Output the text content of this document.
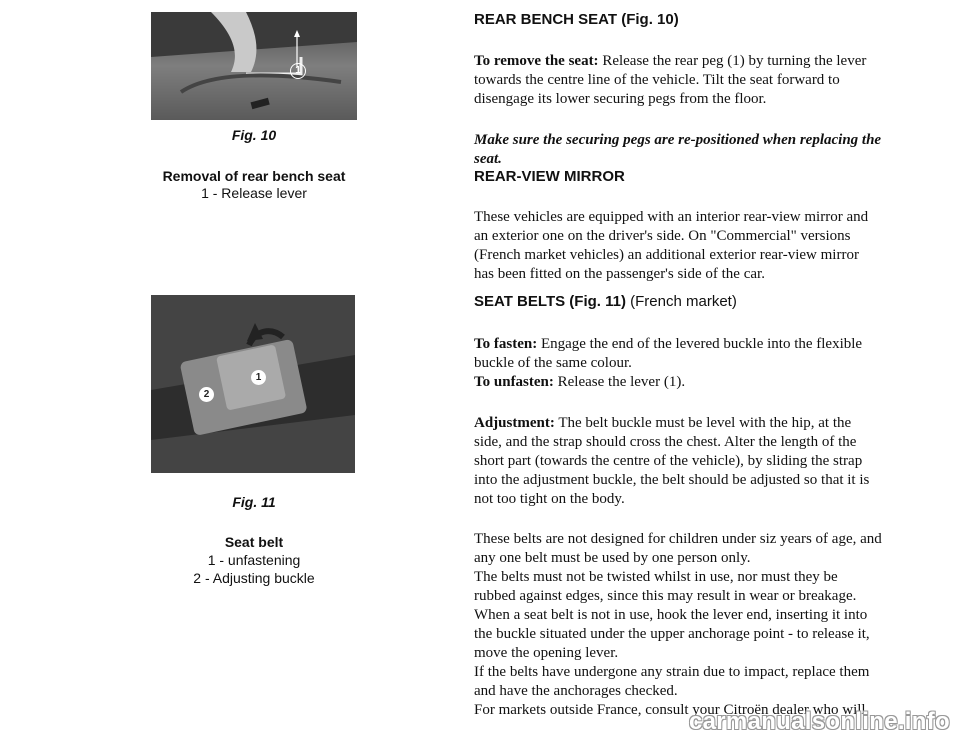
1
Fig. 10
Removal of rear bench seat
1 - Release lever
1
2
Fig. 11
Seat belt
1 - unfastening
2 - Adjusting buckle
REAR BENCH SEAT (Fig. 10)
To remove the seat: Release the rear peg (1) by turning the lever
towards the centre line of the vehicle. Tilt the seat forward to
disengage its lower securing pegs from the floor.
Make sure the securing pegs are re-positioned when replacing the
seat.
REAR-VIEW MIRROR
These vehicles are equipped with an interior rear-view mirror and
an exterior one on the driver's side. On "Commercial" versions
(French market vehicles) an additional exterior rear-view mirror
has been fitted on the passenger's side of the car.
SEAT BELTS (Fig. 11) (French market)
To fasten: Engage the end of the levered buckle into the flexible
buckle of the same colour.
To unfasten: Release the lever (1).
Adjustment: The belt buckle must be level with the hip, at the
side, and the strap should cross the chest. Alter the length of the
short part (towards the centre of the vehicle), by sliding the strap
into the adjustment buckle, the belt should be adjusted so that it is
not too tight on the body.
These belts are not designed for children under siz years of age, and
any one belt must be used by one person only.
The belts must not be twisted whilst in use, nor must they be
rubbed against edges, since this may result in wear or breakage.
When a seat belt is not in use, hook the lever end, inserting it into
the buckle situated under the upper anchorage point - to release it,
move the opening lever.
If the belts have undergone any strain due to impact, replace them
and have the anchorages checked.
For markets outside France, consult your Citroën dealer who will
carmanualsonline.info
